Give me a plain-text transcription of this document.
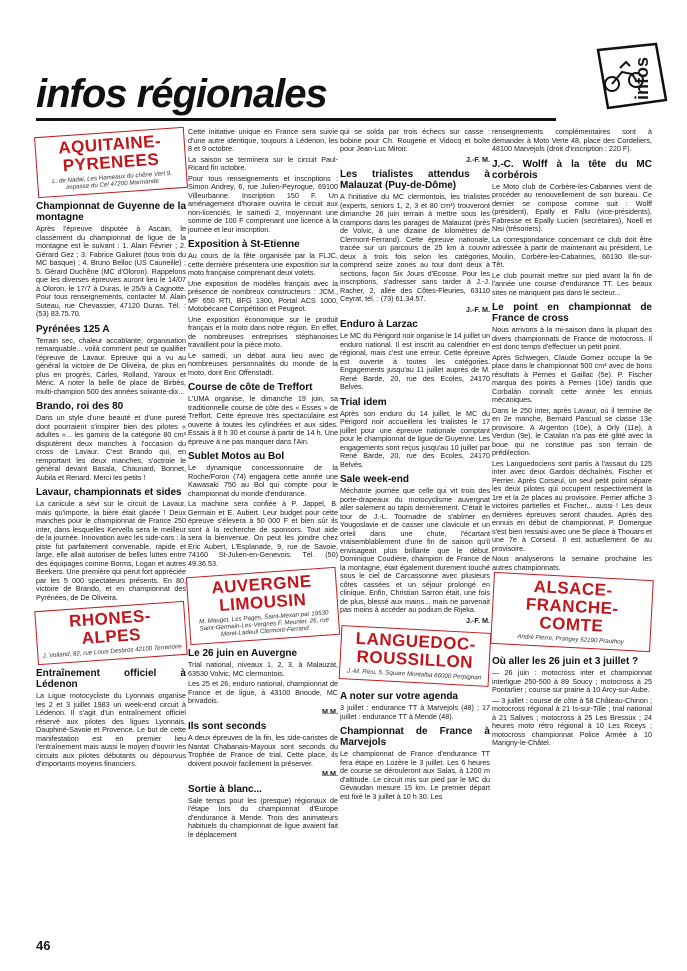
infos
infos régionales
AQUITAINE-PYRENEES
L. de Nadai, Les Hameaux du chêne Vert 9, impasse du Cel 47200 Marmande
Championnat de Guyenne de la montagne

Après l'épreuve disputée à Ascain, le classement du championnat de ligue de la montagne est le suivant : 1. Alain Février ; 2. Gérard Gez ; 3. Fabrice Galiuret (tous trois du MC basque) ; 4. Bruno Belloc (US Cauneille) ; 5. Gérard Duchêne (MC d'Oloron). Rappelons que les diverses épreuves auront lieu le 14/07 à Oloron, le 17/7 à Duras, le 25/9 à Cagnotte. Pour tous renseignements, contacter M. Alain Suteau, rue Chevassier, 47120 Duras. Tél. : (53) 83.75.70.

Pyrénées 125 A

Terrain sec, chaleur accablante, organisation remarquable... voilà comment peut se qualifier l'épreuve de Lavaur. Epreuve qui a vu au général la victoire de De Oliveira, de plus en plus en progrès, Carles, Rolland, Yaroux et Méric. A noter la belle 6e place de Birbès, multi-champion 500 des années soixante-dix...

Brando, roi des 80

Dans un style d'une beauté et d'une pureté dont pourraient s'inspirer bien des pilotes « adultes »... les gamins de la catégorie 80 cm³ disputèrent deux manches à l'occasion du cross de Lavaur. C'est Brando qui, en remportant les deux manches, s'octroie le général devant Basala, Chaunard, Bonnet, Aubila et Renard. Merci les petits !

Lavaur, championnats et sides

La canicule a sévi sur le circuit de Lavaur, mais qu'importe, la bière était glacée ! Deux manches pour le championnat de France 250 inter, dans lesquelles Kervella sera le meilleur de la journée. Innovation avec les side-cars : la piste fut parfaitement convenable, rapide et large, elle allait autoriser de belles luttes entre des équipages comme Borms, Logan et autres Beekers. Une première qui perut fort appréciée par les 5 000 spectateurs présents. En 80, victoire de Brando, et en championnat des Pyrénées, de De Oliveira.

RHONES-ALPES
J. Volland, 82, rue Louis Desbros 42100 Terrenoire
Entraînement officiel à Lédenon

La Ligue motocycliste du Lyonnais organise les 2 et 3 juillet 1983 un week-end circuit à Lédenon. Il s'agit d'un entraînement officiel réservé aux pilotes des ligues Lyonnais, Dauphiné-Savoie et Provence. Le but de cette manifestation est en premier lieu l'entraînement mais aussi le moyen d'ouvrir les circuits aux pilotes débutants ou dépourvus d'importants moyens financiers.

Cette initiative unique en France sera suivie d'une autre identique, toujours à Lédenon, les 8 et 9 octobre.

La saison se terminera sur le circuit Paul-Ricard fin octobre.

Pour tous renseignements et inscriptions : Simon Andrey, 6, rue Julien-Peyrogue, 69100 Villeurbanne. Inscription 150 F. Un aménagement d'horaire ouvrira le circuit aux non-licenciés, le samedi 2, moyennant une somme de 100 F comprenant une licence à la journée et leur inscription.

Exposition à St-Etienne

Au cours de la fête organisée par la FLJC, cette dernière présentera une exposition sur la moto française comprenant deux volets.

Une exposition de modèles français avec la présence de nombreux constructeurs : JCM., MF 650 RTI, BFG 1300, Portal ACS 1000, Motobécane Compétition et Peugeot.

Une exposition économique sur le produit français et la moto dans notre région. En effet, de nombreuses entreprises stéphanoises travaillent pour la pièce moto.

Le samedi, un débat aura lieu avec de nombreuses personnalités du monde de la moto, dont Eric Offenstadt.

Course de côte de Treffort

L'UMA organise, le dimanche 19 juin, sa traditionnelle course de côte des « Esses » de Treffort. Cette épreuve très spectaculaire est ouverte à toutes les cylindrées et aux sides. Essais à 8 h 30 et course à partir de 14 h. Une épreuve à ne pas manquer dans l'Ain.

Sublet Motos au Bol

Le dynamique concessionnaire de la Roche/Foron (74) engagera cette année une Kawasaki 750 au Bol qui compte pour le championnat du monde d'endurance.

La machine sera confiée à P. Jappel, B. Germain et E. Aubert. Leur budget pour cette épreuve s'élevera à 50 000 F et bien sûr ils sont à la recherche de sponsors. Tout aide sera la bienvenue. On peut les joindre chez Eric Aubert, L'Esplanade, 9, rue de Savoie, 74160 St-Julien-en-Genevois. Tél. (50) 49.36.53.

AUVERGNE LIMOUSIN
M. Mauget, Les Pages, Saint-Mexan par 19530 Saint-Germain-Les-Vergnes F. Meunier, 26, rue Morel-Ladeuil Clermont-Ferrand
Le 26 juin en Auvergne

Trial national, niveaux 1, 2, 3, à Malauzat, 63530 Volvic, MC clermontois.

Les 25 et 26, enduro national, championnat de France et de ligue, à 43100 Brioude, MC brivadois.

M.M.

Ils sont seconds

A deux épreuves de la fin, les side-caristes de Nantat Chabanais-Mayoux sont seconds du Trophée de France de trial. Cette place, ils doivent pouvoir facilement la préserver.

M.M.

Sortie à blanc...

Sale temps pour les (presque) régionaux de l'étape lors du championnat d'Europe d'endurance à Mende. Trois des animateurs habituels du championnat de ligue avaient fait le déplacement

qui se solda par trois échecs sur casse : bobine pour Ch. Rougerie et Vidocq et boîte pour Jean-Luc Miroir.

J.-F. M.

Les trialistes attendus à Malauzat (Puy-de-Dôme)

A l'initiative du MC clermontois, les trialistes (experts, seniors 1, 2, 3 et 80 cm³) trouveront dimanche 26 juin terrain à mettre sous les crampons dans les parages de Malauzat (près de Volvic, à une dizaine de kilomètres de Clermont-Ferrand). Cette épreuve nationale, tracée sur un parcours de 25 km à couvrir deux à trois fois selon les catégories, comprend seize zones au tour dont deux à sections, façon Six Jours d'Ecosse. Pour les inscriptions, s'adresser sans tarder à J.-J. Racher, 2, allée des Côtes-Fleuries, 63110 Ceyrat, tél. : (73) 61.34.57.

J.-F. M.

Enduro à Larzac

Le MC du Périgord noir organise le 14 juillet un enduro national. Il est inscrit au calendrier en régional, mais c'est une erreur. Cette épreuve est ouverte à toutes les catégories. Engagements jusqu'au 11 juillet auprès de M. René Barde, 20, rue des Ecoles, 24170 Belvès.

Trial idem

Après son enduro du 14 juillet, le MC du Périgord noir accueillera les trialistes le 17 juillet pour une épreuve nationale comptant pour le championnat de ligue de Guyenne. Les engagements sont reçus jusqu'au 10 juillet par René Barde, 20, rue des Ecoles, 24170 Belvès.

Sale week-end

Méchante journée que celle qui vit trois des porte-drapeaux du motocyclisme auvergnat aller salement au tapis dernièrement. C'était le tour de J.-L. Tournadre de s'abîmer en Yougoslavie et de casser une clavicule et un orteil dans une chute, l'écartant vraisemblablement d'une fin de saison qu'il envisageait plus brillante que le début. Dominique Coudière, champion de France de la montagne, était également durement touché sous le ciel de Carcassonne avec plusieurs côtes cassées et un séjour prolongé en clinique. Enfin, Christian Sarron était, une fois de plus, blessé aux mains... mais ne parvenait pas moins à accéder au podium de Rijeka.

J.-F. M.

LANGUEDOC-ROUSSILLON
J.-M. Rieu, 5, Square Montalba 66000 Perpignan
A noter sur votre agenda

3 juillet : endurance TT à Marvejols (48) ; 17 juillet : endurance TT à Mende (48).

Championnat de France à Marvejols

Le championnat de France d'endurance TT fera étape en Lozère le 3 juillet. Les 6 heures de course se dérouleront aux Salas, à 1200 m d'altitude. Le circuit mis sur pied par le MC du Gévaudan mesure 15 km. Le premier départ est fixé le 3 juillet à 10 h 30. Les

renseignements complémentaires sont à demander à Moto Verte 48, place des Cordeliers, 48100 Marvejols (droit d'inscription : 220 F).

J.-C. Wolff à la tête du MC corbérois

Le Moto club de Corbère-les-Cabannes vient de procéder au renouvellement de son bureau. Ce dernier se compose comme suit : Wolff (président), Epally et Fallu (vice-présidents), Fabresse et Epally Lucien (secrétaires), Noell et Nisi (trésoriers).

La correspondance concernant ce club doit être adressée à partir de maintenant au président, Le Moulin, Corbère-les-Cabannes, 66130 Ille-sur-Têt.

Le club pourrait mettre sur pied avant la fin de l'année une course d'endurance TT. Les beaux sites ne manquent pas dans le secteur...

Le point en championnat de France de cross

Nous arrivons à la mi-saison dans la plupart des divers championnats de France de motocross. Il est donc temps d'effectuer un petit point.

Après Schwegen, Claude Gomez occupe la 9e place dans le championnat 500 cm³ avec de bons résultats à Pernes et Gaillac (5e). P. Fischer marqua des points à Pernes (10e) tandis que Corbalán connaît cette année les ennuis mécaniques.

Dans le 250 inter, après Lavaur, où il termine 8e en 2e manche, Bernard Pascual se classe 13e provisoire. A Argenton (10e), à Orly (11e), à Verdun (9e), le Catalan n'a pas été gâté avec la boue qui ne constitue pas son terrain de prédilection.

Les Languedociens sont partis à l'assaut du 125 inter avec deux Gardois déchaînés, Fischer et Perrier. Après Corseul, un seul petit point sépare les deux pilotes qui occupent respectivement la 1re et la 2e places au provisoire. Perrier affiche 3 victoires partielles et Fischer... aussi ! Les deux dernières épreuves seront chaudes. Après des ennuis en début de championnat, P. Domergue s'est bien ressaisi avec une 5e place à Thouars et une 7e à Corseul. Il est actuellement 6e au provisoire.

Nous analyserons la semaine prochaine les autres championnats.

ALSACE-FRANCHE-COMTE
André Pierre, Prangey 52190 Prauthoy
Où aller les 26 juin et 3 juillet ?

— 26 juin : motocross inter et championnat interligue 250-500 à 89 Soucy ; motocross à 25 Pontarlier ; course sur prairie à 10 Arcy-sur-Aube.

— 3 juillet : course de côte à 58 Château-Chinon ; motocross régional à 21 Is-sur-Tille ; trial national à 21 Salives ; motocross à 25 Les Bressux ; 24 heures moto rétro régional à 10 Les Riceys ; motocross championnat Police Armée à 10 Marigny-le-Châtel.

46
